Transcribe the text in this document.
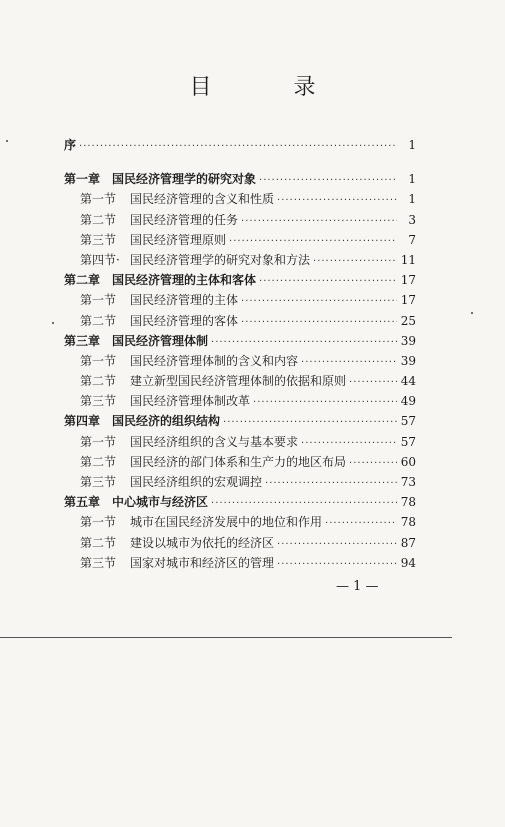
目　录
序 ·····	1
第一章 国民经济管理学的研究对象 ·····	1
第一节	国民经济管理的含义和性质 ·····	1
第二节	国民经济管理的任务 ·····	3
第三节	国民经济管理原则 ·····	7
第四节· 国民经济管理学的研究对象和方法 ·····	11
第二章 国民经济管理的主体和客体 ·····	17
第一节	国民经济管理的主体 ·····	17
第二节	国民经济管理的客体 ·····	25
第三章 国民经济管理体制 ·····	39
第一节	国民经济管理体制的含义和内容 ·····	39
第二节	建立新型国民经济管理体制的依据和原则 ·····	44
第三节	国民经济管理体制改革 ·····	49
第四章 国民经济的组织结构 ·····	57
第一节	国民经济组织的含义与基本要求 ·····	57
第二节	国民经济的部门体系和生产力的地区布局 ·····	60
第三节	国民经济组织的宏观调控 ·····	73
第五章 中心城市与经济区 ·····	78
第一节	城市在国民经济发展中的地位和作用 ·····	78
第二节	建设以城市为依托的经济区 ·····	87
第三节	国家对城市和经济区的管理 ·····	94
— 1 —
